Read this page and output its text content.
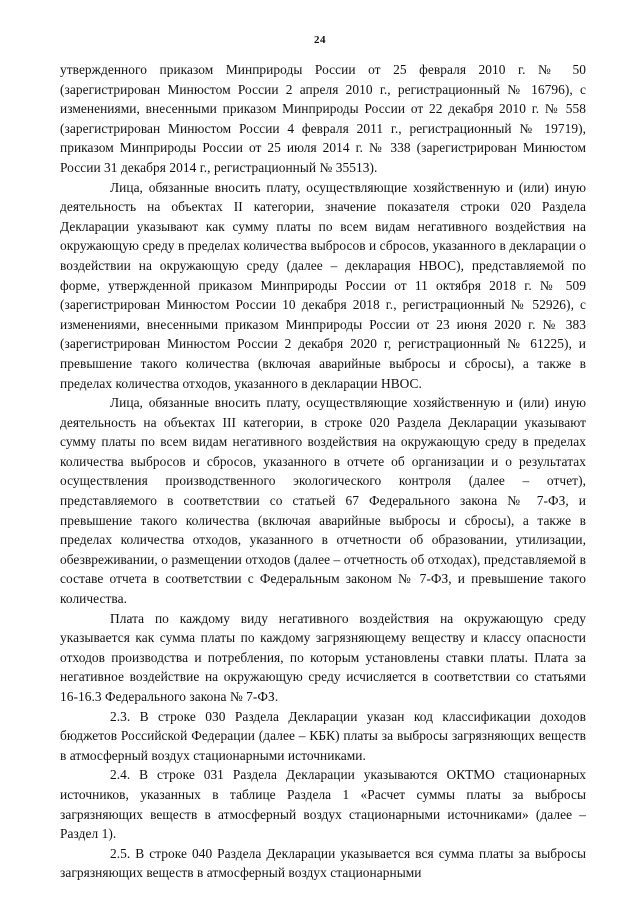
24

утвержденного приказом Минприроды России от 25 февраля 2010 г. № 50 (зарегистрирован Минюстом России 2 апреля 2010 г., регистрационный № 16796), с изменениями, внесенными приказом Минприроды России от 22 декабря 2010 г. № 558 (зарегистрирован Минюстом России 4 февраля 2011 г., регистрационный № 19719), приказом Минприроды России от 25 июля 2014 г. № 338 (зарегистрирован Минюстом России 31 декабря 2014 г., регистрационный № 35513).

Лица, обязанные вносить плату, осуществляющие хозяйственную и (или) иную деятельность на объектах II категории, значение показателя строки 020 Раздела Декларации указывают как сумму платы по всем видам негативного воздействия на окружающую среду в пределах количества выбросов и сбросов, указанного в декларации о воздействии на окружающую среду (далее – декларация НВОС), представляемой по форме, утвержденной приказом Минприроды России от 11 октября 2018 г. № 509 (зарегистрирован Минюстом России 10 декабря 2018 г., регистрационный № 52926), с изменениями, внесенными приказом Минприроды России от 23 июня 2020 г. № 383 (зарегистрирован Минюстом России 2 декабря 2020 г, регистрационный № 61225), и превышение такого количества (включая аварийные выбросы и сбросы), а также в пределах количества отходов, указанного в декларации НВОС.

Лица, обязанные вносить плату, осуществляющие хозяйственную и (или) иную деятельность на объектах III категории, в строке 020 Раздела Декларации указывают сумму платы по всем видам негативного воздействия на окружающую среду в пределах количества выбросов и сбросов, указанного в отчете об организации и о результатах осуществления производственного экологического контроля (далее – отчет), представляемого в соответствии со статьей 67 Федерального закона № 7-ФЗ, и превышение такого количества (включая аварийные выбросы и сбросы), а также в пределах количества отходов, указанного в отчетности об образовании, утилизации, обезвреживании, о размещении отходов (далее – отчетность об отходах), представляемой в составе отчета в соответствии с Федеральным законом № 7-ФЗ, и превышение такого количества.

Плата по каждому виду негативного воздействия на окружающую среду указывается как сумма платы по каждому загрязняющему веществу и классу опасности отходов производства и потребления, по которым установлены ставки платы. Плата за негативное воздействие на окружающую среду исчисляется в соответствии со статьями 16-16.3 Федерального закона № 7-ФЗ.

2.3. В строке 030 Раздела Декларации указан код классификации доходов бюджетов Российской Федерации (далее – КБК) платы за выбросы загрязняющих веществ в атмосферный воздух стационарными источниками.

2.4. В строке 031 Раздела Декларации указываются ОКТМО стационарных источников, указанных в таблице Раздела 1 «Расчет суммы платы за выбросы загрязняющих веществ в атмосферный воздух стационарными источниками» (далее – Раздел 1).

2.5. В строке 040 Раздела Декларации указывается вся сумма платы за выбросы загрязняющих веществ в атмосферный воздух стационарными
